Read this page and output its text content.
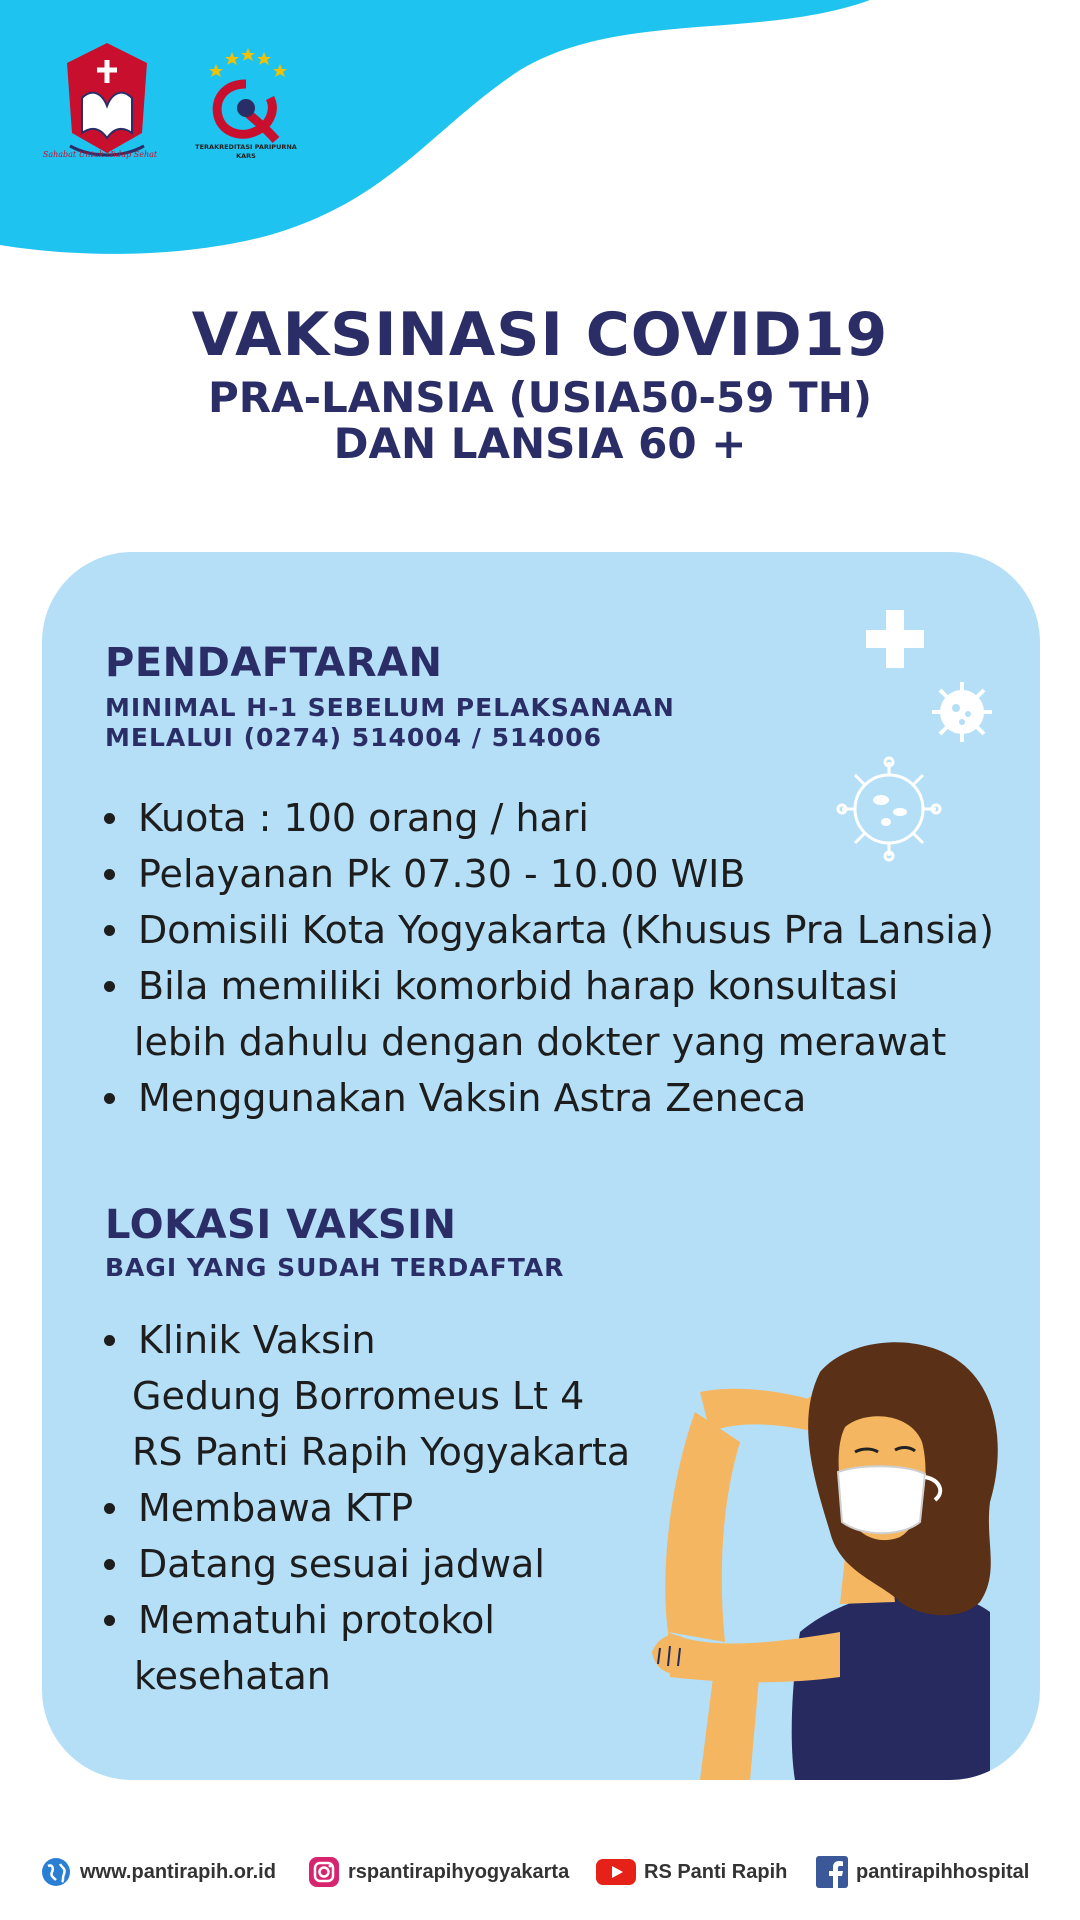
Sahabat Untuk Hidup Sehat
TERAKREDITASI PARIPURNA
KARS
VAKSINASI COVID19
PRA-LANSIA (USIA50-59 TH)
DAN LANSIA 60 +
PENDAFTARAN
MINIMAL H-1 SEBELUM PELAKSANAAN
MELALUI (0274) 514004 / 514006
Kuota : 100 orang / hari
Pelayanan Pk 07.30 - 10.00 WIB
Domisili Kota Yogyakarta (Khusus Pra Lansia)
Bila memiliki komorbid harap konsultasi
lebih dahulu dengan dokter yang merawat
Menggunakan Vaksin Astra Zeneca
LOKASI VAKSIN
BAGI YANG SUDAH TERDAFTAR
Klinik Vaksin
Gedung Borromeus Lt 4
RS Panti Rapih Yogyakarta
Membawa KTP
Datang sesuai jadwal
Mematuhi protokol
kesehatan
www.pantirapih.or.id	rspantirapihyogyakarta	RS Panti Rapih	pantirapihhospital
